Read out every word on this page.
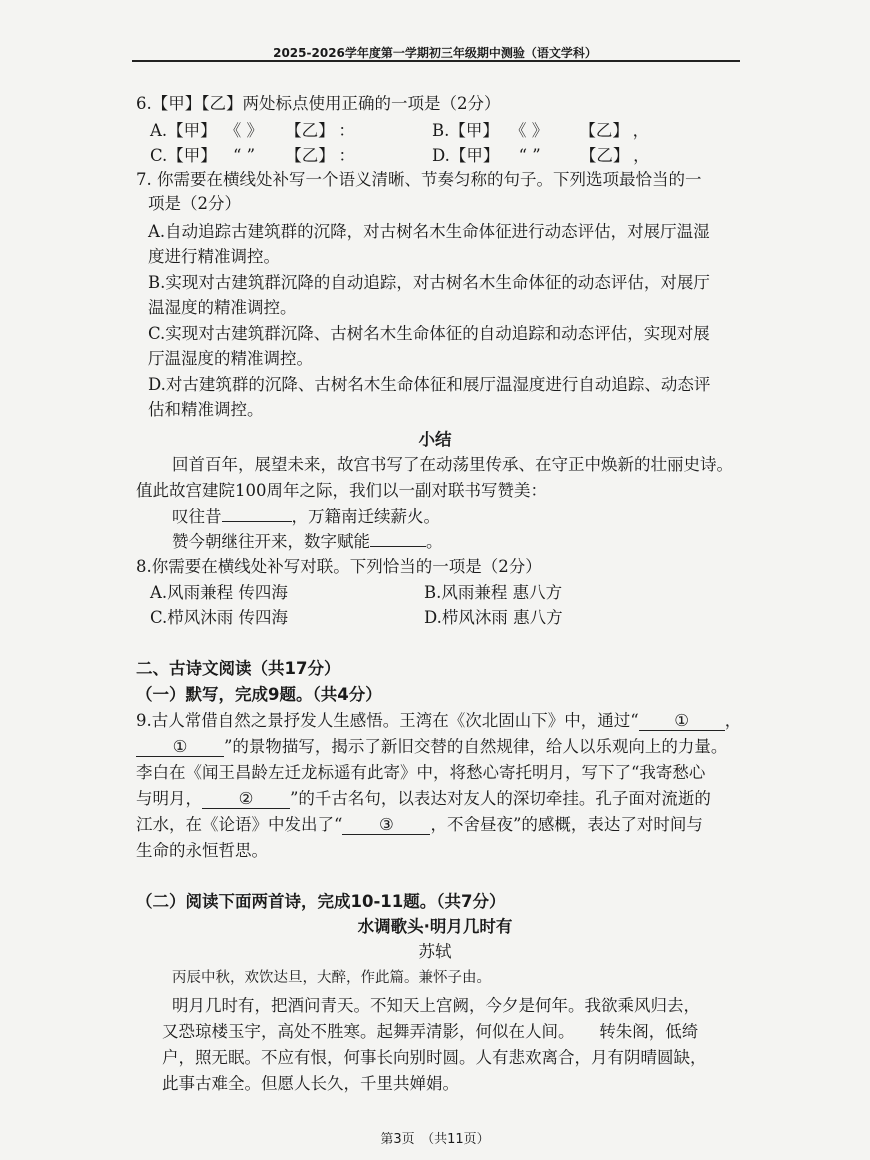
2025-2026学年度第一学期初三年级期中测验（语文学科）
6.【甲】【乙】两处标点使用正确的一项是（2分）
A.【甲】 《 》 【乙】 ：	B.【甲】 《 》 【乙】 ，
C.【甲】 “ ” 【乙】 ：	D.【甲】 “ ” 【乙】 ，
7. 你需要在横线处补写一个语义清晰、节奏匀称的句子。下列选项最恰当的一
项是（2分）
A.自动追踪古建筑群的沉降，对古树名木生命体征进行动态评估，对展厅温湿
度进行精准调控。
B.实现对古建筑群沉降的自动追踪，对古树名木生命体征的动态评估，对展厅
温湿度的精准调控。
C.实现对古建筑群沉降、古树名木生命体征的自动追踪和动态评估，实现对展
厅温湿度的精准调控。
D.对古建筑群的沉降、古树名木生命体征和展厅温湿度进行自动追踪、动态评
估和精准调控。
小结
回首百年，展望未来，故宫书写了在动荡里传承、在守正中焕新的壮丽史诗。
值此故宫建院100周年之际，我们以一副对联书写赞美：
叹往昔	，万籍南迁续薪火。
赞今朝继往开来，数字赋能	。
8.你需要在横线处补写对联。下列恰当的一项是（2分）
A.风雨兼程 传四海	B.风雨兼程 惠八方
C.栉风沐雨 传四海	D.栉风沐雨 惠八方
二、古诗文阅读（共17分）
（一）默写，完成9题。（共4分）
9.古人常借自然之景抒发人生感悟。王湾在《次北固山下》中，通过“ ① ，
① ”的景物描写，揭示了新旧交替的自然规律，给人以乐观向上的力量。
李白在《闻王昌龄左迁龙标遥有此寄》中，将愁心寄托明月，写下了“我寄愁心
与明月， ② ”的千古名句，以表达对友人的深切牵挂。孔子面对流逝的
江水，在《论语》中发出了“ ③ ，不舍昼夜”的感概，表达了对时间与
生命的永恒哲思。
（二）阅读下面两首诗，完成10-11题。（共7分）
水调歌头·明月几时有
苏轼
丙辰中秋，欢饮达旦，大醉，作此篇。兼怀子由。
明月几时有，把酒问青天。不知天上宫阙，今夕是何年。我欲乘风归去，
又恐琼楼玉宇，高处不胜寒。起舞弄清影，何似在人间。　　转朱阁，低绮
户，照无眠。不应有恨，何事长向别时圆。人有悲欢离合，月有阴晴圆缺，
此事古难全。但愿人长久，千里共婵娟。
第3页　（共11页）
